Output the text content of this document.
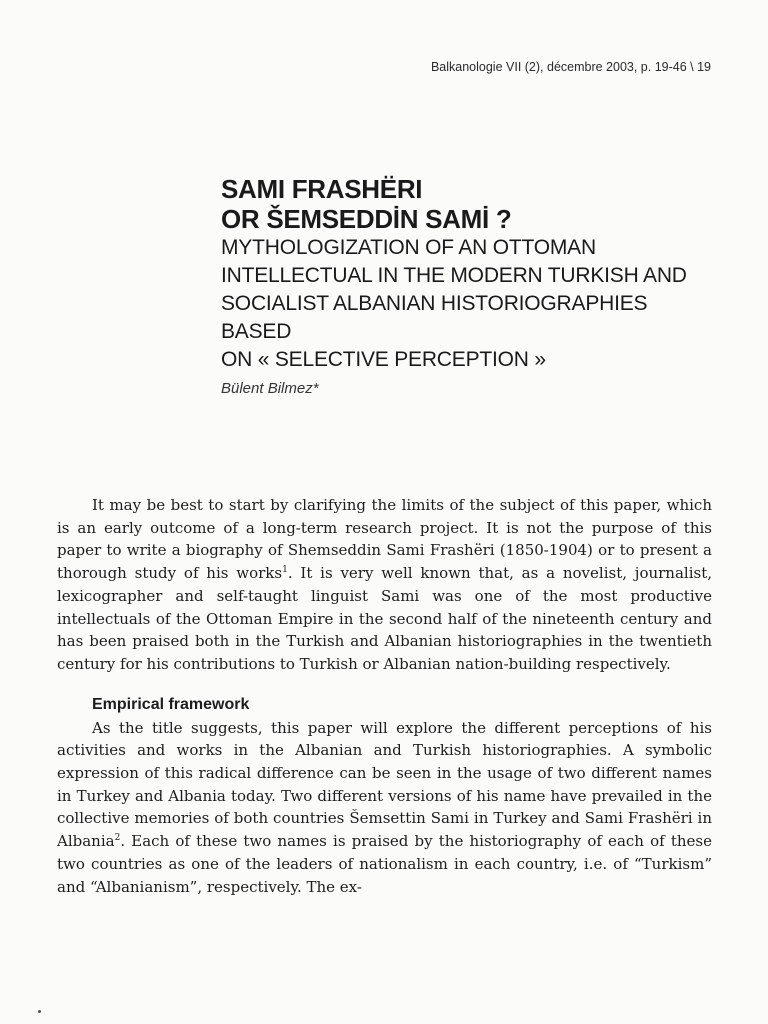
Balkanologie VII (2), décembre 2003, p. 19-46 \ 19
SAMI FRASHËRI
OR ŠEMSEDDİN SAMİ ?
MYTHOLOGIZATION OF AN OTTOMAN
INTELLECTUAL IN THE MODERN TURKISH AND
SOCIALIST ALBANIAN HISTORIOGRAPHIES BASED
ON « SELECTIVE PERCEPTION »
Bülent Bilmez*

It may be best to start by clarifying the limits of the subject of this paper, which is an early outcome of a long-term research project. It is not the purpose of this paper to write a biography of Shemseddin Sami Frashëri (1850-1904) or to present a thorough study of his works$^1$. It is very well known that, as a novelist, journalist, lexicographer and self-taught linguist Sami was one of the most productive intellectuals of the Ottoman Empire in the second half of the nineteenth century and has been praised both in the Turkish and Albanian historiographies in the twentieth century for his contributions to Turkish or Albanian nation-building respectively.

Empirical framework

As the title suggests, this paper will explore the different perceptions of his activities and works in the Albanian and Turkish historiographies. A symbolic expression of this radical difference can be seen in the usage of two different names in Turkey and Albania today. Two different versions of his name have prevailed in the collective memories of both countries Šemsettin Sami in Turkey and Sami Frashëri in Albania$^2$. Each of these two names is praised by the historiography of each of these two countries as one of the leaders of nationalism in each country, i.e. of “Turkism” and “Albanianism”, respectively. The ex-
